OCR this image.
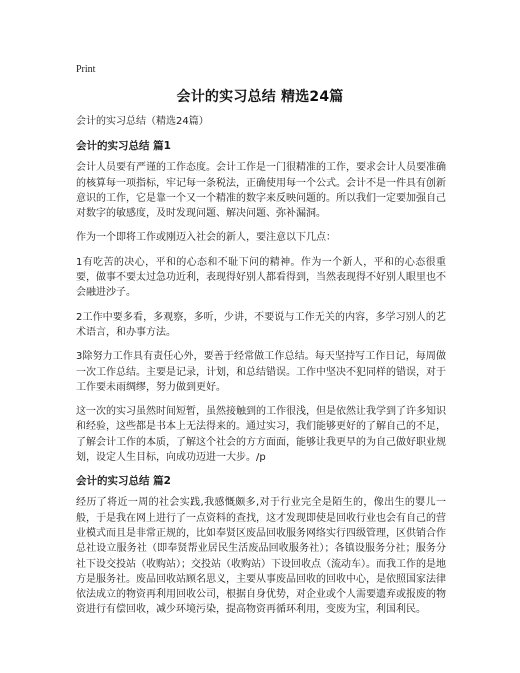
Print
会计的实习总结 精选24篇

会计的实习总结（精选24篇）

会计的实习总结 篇1

会计人员要有严谨的工作态度。会计工作是一门很精准的工作，要求会计人员要准确的核算每一项指标，牢记每一条税法，正确使用每一个公式。会计不是一件具有创新意识的工作，它是靠一个又一个精准的数字来反映问题的。所以我们一定要加强自己对数字的敏感度，及时发现问题、解决问题、弥补漏洞。

作为一个即将工作或刚迈入社会的新人，要注意以下几点：

1有吃苦的决心，平和的心态和不耻下问的精神。作为一个新人，平和的心态很重要，做事不要太过急功近利，表现得好别人都看得到，当然表现得不好别人眼里也不会融进沙子。

2工作中要多看，多观察，多听，少讲，不要说与工作无关的内容，多学习别人的艺术语言，和办事方法。

3除努力工作具有责任心外，要善于经常做工作总结。每天坚持写工作日记，每周做一次工作总结。主要是记录，计划，和总结错误。工作中坚决不犯同样的错误，对于工作要未雨绸缪，努力做到更好。

这一次的实习虽然时间短暂，虽然接触到的工作很浅，但是依然让我学到了许多知识和经验，这些都是书本上无法得来的。通过实习，我们能够更好的了解自己的不足，了解会计工作的本质，了解这个社会的方方面面，能够让我更早的为自己做好职业规划，设定人生目标，向成功迈进一大步。/p

会计的实习总结 篇2

经历了将近一周的社会实践,我感慨颇多,对于行业完全是陌生的，像出生的婴儿一般，于是我在网上进行了一点资料的查找，这才发现即使是回收行业也会有自己的营业模式而且是非常正规的，比如奉贤区废品回收服务网络实行四级管理，区供销合作总社设立服务社（即奉贤帮业居民生活废品回收服务社）；各镇设服务分社；服务分社下设交投站（收购站）；交投站（收购站）下设回收点（流动车）。而我工作的是地方是服务社。废品回收站顾名思义，主要从事废品回收的回收中心，是依照国家法律依法成立的物资再利用回收公司，根据自身优势，对企业或个人需要遗弃或报废的物资进行有偿回收，减少环境污染，提高物资再循环利用，变废为宝，利国利民。
